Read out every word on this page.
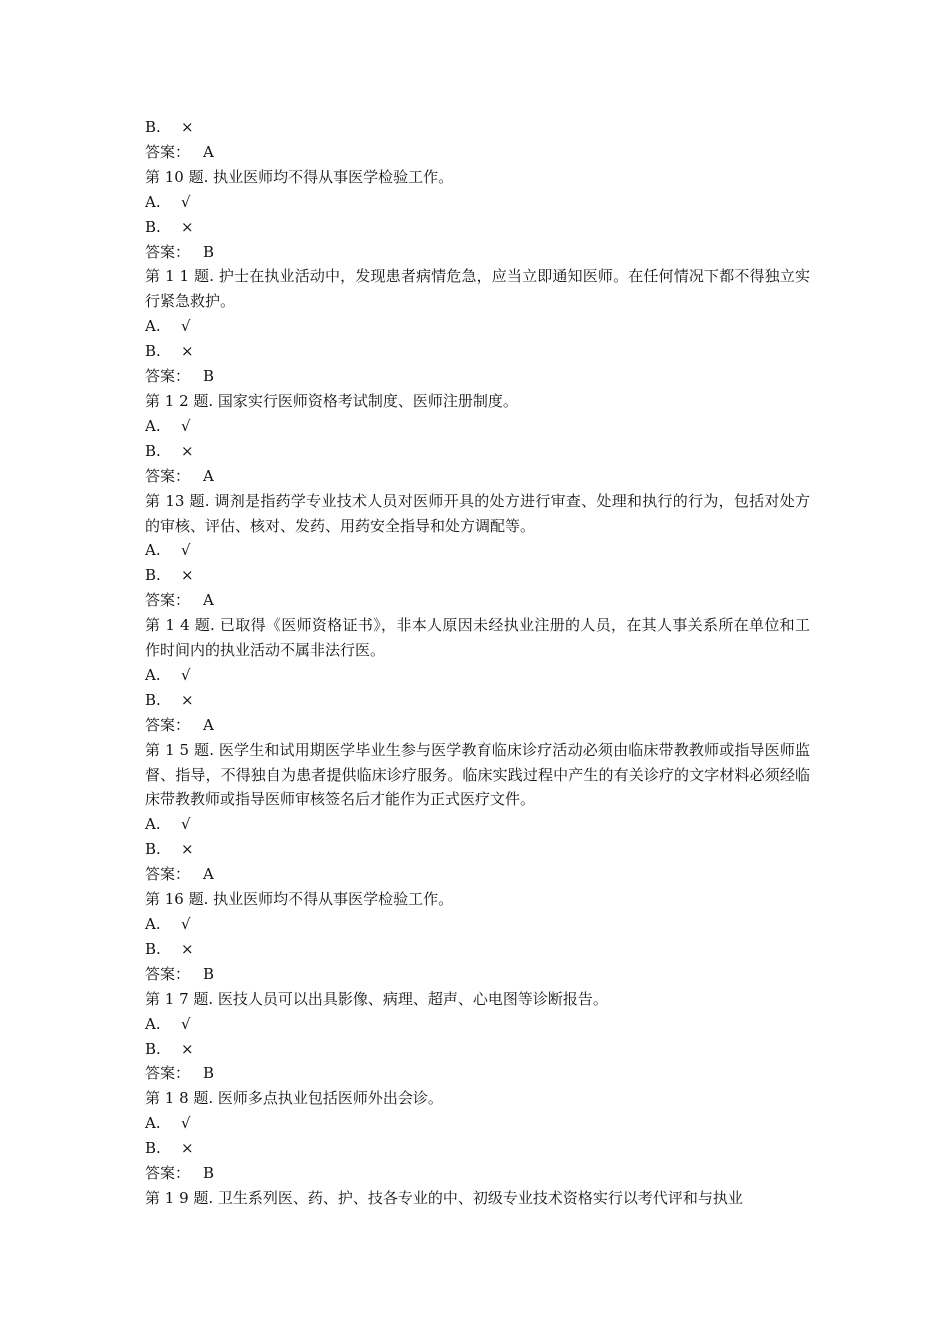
B. ×
答案： A
第 10 题. 执业医师均不得从事医学检验工作。
A. √
B. ×
答案： B
第 1 1 题. 护士在执业活动中，发现患者病情危急，应当立即通知医师。在任何情况下都不得独立实行紧急救护。
A. √
B. ×
答案： B
第 1 2 题. 国家实行医师资格考试制度、医师注册制度。
A. √
B. ×
答案： A
第 13 题. 调剂是指药学专业技术人员对医师开具的处方进行审查、处理和执行的行为，包括对处方的审核、评估、核对、发药、用药安全指导和处方调配等。
A. √
B. ×
答案： A
第 1 4 题. 已取得《医师资格证书》，非本人原因未经执业注册的人员，在其人事关系所在单位和工作时间内的执业活动不属非法行医。
A. √
B. ×
答案： A
第 1 5 题. 医学生和试用期医学毕业生参与医学教育临床诊疗活动必须由临床带教教师或指导医师监督、指导，不得独自为患者提供临床诊疗服务。临床实践过程中产生的有关诊疗的文字材料必须经临床带教教师或指导医师审核签名后才能作为正式医疗文件。
A. √
B. ×
答案： A
第 16 题. 执业医师均不得从事医学检验工作。
A. √
B. ×
答案： B
第 1 7 题. 医技人员可以出具影像、病理、超声、心电图等诊断报告。
A. √
B. ×
答案： B
第 1 8 题. 医师多点执业包括医师外出会诊。
A. √
B. ×
答案： B
第 1 9 题. 卫生系列医、药、护、技各专业的中、初级专业技术资格实行以考代评和与执业
